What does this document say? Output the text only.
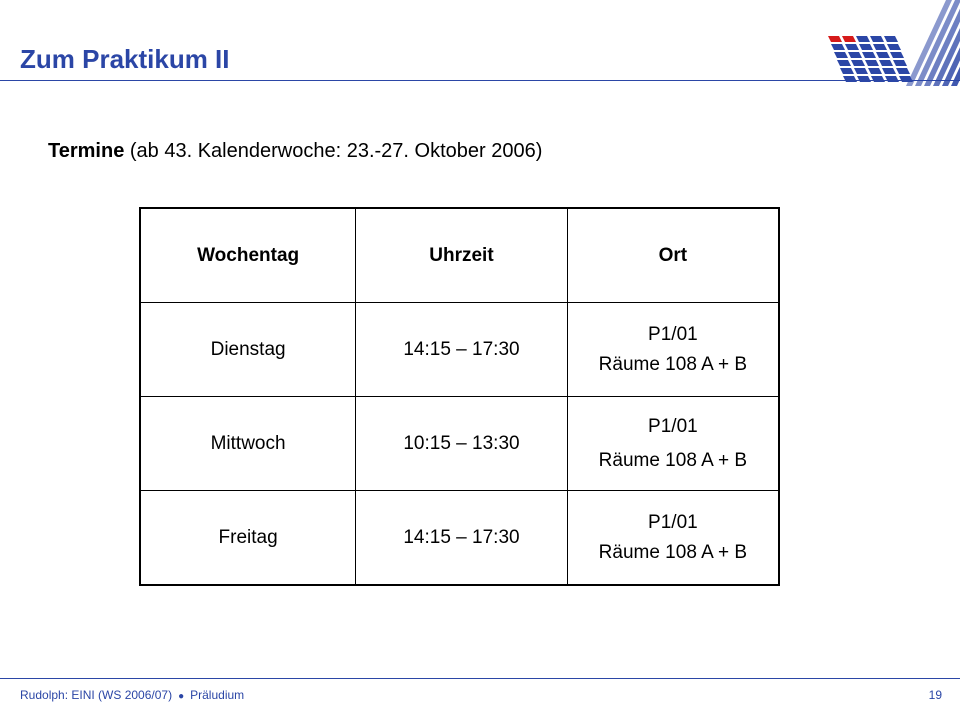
Zum Praktikum II
Termine (ab 43. Kalenderwoche: 23.-27. Oktober 2006)
Wochentag	Uhrzeit	Ort
Dienstag	14:15 – 17:30	P1/01
Räume 108 A + B

Mittwoch	10:15 – 13:30	P1/01
Räume 108 A + B

Freitag	14:15 – 17:30	P1/01
Räume 108 A + B
Rudolph: EINI (WS 2006/07) ● Präludium	19
